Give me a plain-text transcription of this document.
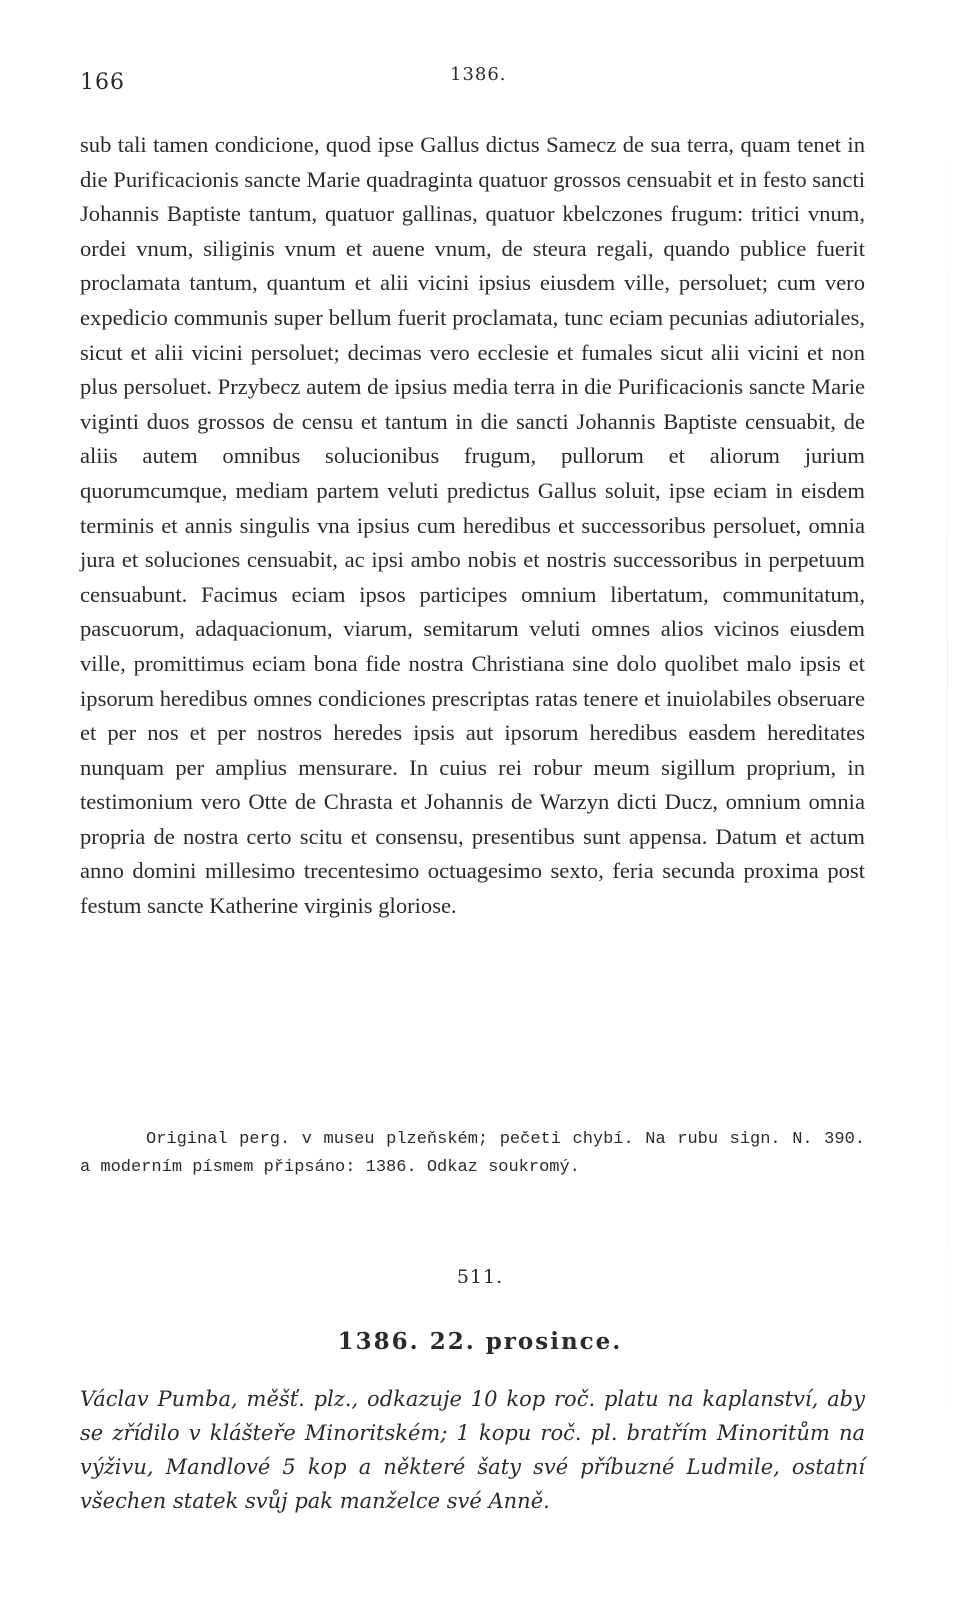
166	1386.

sub tali tamen condicione, quod ipse Gallus dictus Samecz de sua terra, quam tenet in die Purificacionis sancte Marie quadraginta quatuor grossos censuabit et in festo sancti Johannis Baptiste tantum, quatuor gallinas, quatuor kbelczones frugum: tritici vnum, ordei vnum, siliginis vnum et auene vnum, de steura regali, quando publice fuerit proclamata tantum, quantum et alii vicini ipsius eiusdem ville, persoluet; cum vero expedicio communis super bellum fuerit proclamata, tunc eciam pecunias adiutoriales, sicut et alii vicini persoluet; decimas vero ecclesie et fumales sicut alii vicini et non plus persoluet. Przybecz autem de ipsius media terra in die Purificacionis sancte Marie viginti duos grossos de censu et tantum in die sancti Johannis Baptiste censuabit, de aliis autem omnibus solucionibus frugum, pullorum et aliorum jurium quorumcumque, mediam partem veluti predictus Gallus soluit, ipse eciam in eisdem terminis et annis singulis vna ipsius cum heredibus et successoribus persoluet, omnia jura et soluciones censuabit, ac ipsi ambo nobis et nostris successoribus in perpetuum censuabunt. Facimus eciam ipsos participes omnium libertatum, communitatum, pascuorum, adaquacionum, viarum, semitarum veluti omnes alios vicinos eiusdem ville, promittimus eciam bona fide nostra Christiana sine dolo quolibet malo ipsis et ipsorum heredibus omnes condiciones prescriptas ratas tenere et inuiolabiles obseruare et per nos et per nostros heredes ipsis aut ipsorum heredibus easdem hereditates nunquam per amplius mensurare. In cuius rei robur meum sigillum proprium, in testimonium vero Otte de Chrasta et Johannis de Warzyn dicti Ducz, omnium omnia propria de nostra certo scitu et consensu, presentibus sunt appensa. Datum et actum anno domini millesimo trecentesimo octuagesimo sexto, feria secunda proxima post festum sancte Katherine virginis gloriose.

Original perg. v museu plzeňském; pečeti chybí. Na rubu sign. N. 390. a moderním písmem připsáno: 1386. Odkaz soukromý.

511.
1386. 22. prosince.

Václav Pumba, měšť. plz., odkazuje 10 kop roč. platu na kaplanství, aby se zřídilo v klášteře Minoritském; 1 kopu roč. pl. bratřím Minoritům na výživu, Mandlové 5 kop a některé šaty své příbuzné Ludmile, ostatní všechen statek svůj pak manželce své Anně.
